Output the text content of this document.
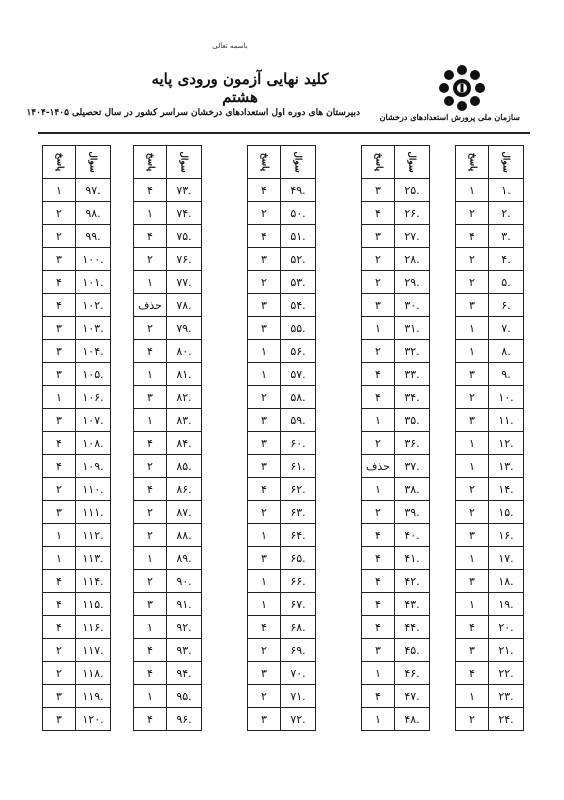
باسمه تعالی
کلید نهایی آزمون ورودی پایه هشتم
دبیرستان های دوره اول استعدادهای درخشان سراسر کشور در سال تحصیلی ۱۴۰۵-۱۴۰۴ سازمان ملی پرورش استعدادهای درخشان
سوال	پاسخ
.۱	۱
.۲	۲
.۳	۴
.۴	۲
.۵	۲
.۶	۳
.۷	۱
.۸	۱
.۹	۳
.۱۰	۲
.۱۱	۳
.۱۲	۱
.۱۳	۱
.۱۴	۲
.۱۵	۲
.۱۶	۳
.۱۷	۱
.۱۸	۳
.۱۹	۱
.۲۰	۴
.۲۱	۳
.۲۲	۴
.۲۳	۱
.۲۴	۲
سوال	پاسخ
.۲۵	۳
.۲۶	۴
.۲۷	۳
.۲۸	۲
.۲۹	۲
.۳۰	۳
.۳۱	۱
.۳۲	۲
.۳۳	۴
.۳۴	۴
.۳۵	۱
.۳۶	۲
.۳۷	حذف
.۳۸	۱
.۳۹	۲
.۴۰	۴
.۴۱	۴
.۴۲	۴
.۴۳	۴
.۴۴	۴
.۴۵	۳
.۴۶	۱
.۴۷	۴
.۴۸	۱
سوال	پاسخ
.۴۹	۴
.۵۰	۲
.۵۱	۴
.۵۲	۳
.۵۳	۲
.۵۴	۳
.۵۵	۳
.۵۶	۱
.۵۷	۱
.۵۸	۲
.۵۹	۳
.۶۰	۳
.۶۱	۳
.۶۲	۴
.۶۳	۲
.۶۴	۱
.۶۵	۳
.۶۶	۱
.۶۷	۱
.۶۸	۴
.۶۹	۲
.۷۰	۳
.۷۱	۲
.۷۲	۳
سوال	پاسخ
.۷۳	۴
.۷۴	۱
.۷۵	۴
.۷۶	۲
.۷۷	۱
.۷۸	حذف
.۷۹	۲
.۸۰	۴
.۸۱	۱
.۸۲	۳
.۸۳	۱
.۸۴	۴
.۸۵	۲
.۸۶	۴
.۸۷	۲
.۸۸	۲
.۸۹	۱
.۹۰	۲
.۹۱	۳
.۹۲	۱
.۹۳	۴
.۹۴	۴
.۹۵	۱
.۹۶	۴
سوال	پاسخ
.۹۷	۱
.۹۸	۲
.۹۹	۲
.۱۰۰	۳
.۱۰۱	۴
.۱۰۲	۴
.۱۰۳	۳
.۱۰۴	۳
.۱۰۵	۳
.۱۰۶	۱
.۱۰۷	۳
.۱۰۸	۴
.۱۰۹	۴
.۱۱۰	۲
.۱۱۱	۳
.۱۱۲	۱
.۱۱۳	۱
.۱۱۴	۴
.۱۱۵	۴
.۱۱۶	۴
.۱۱۷	۲
.۱۱۸	۲
.۱۱۹	۳
.۱۲۰	۳
